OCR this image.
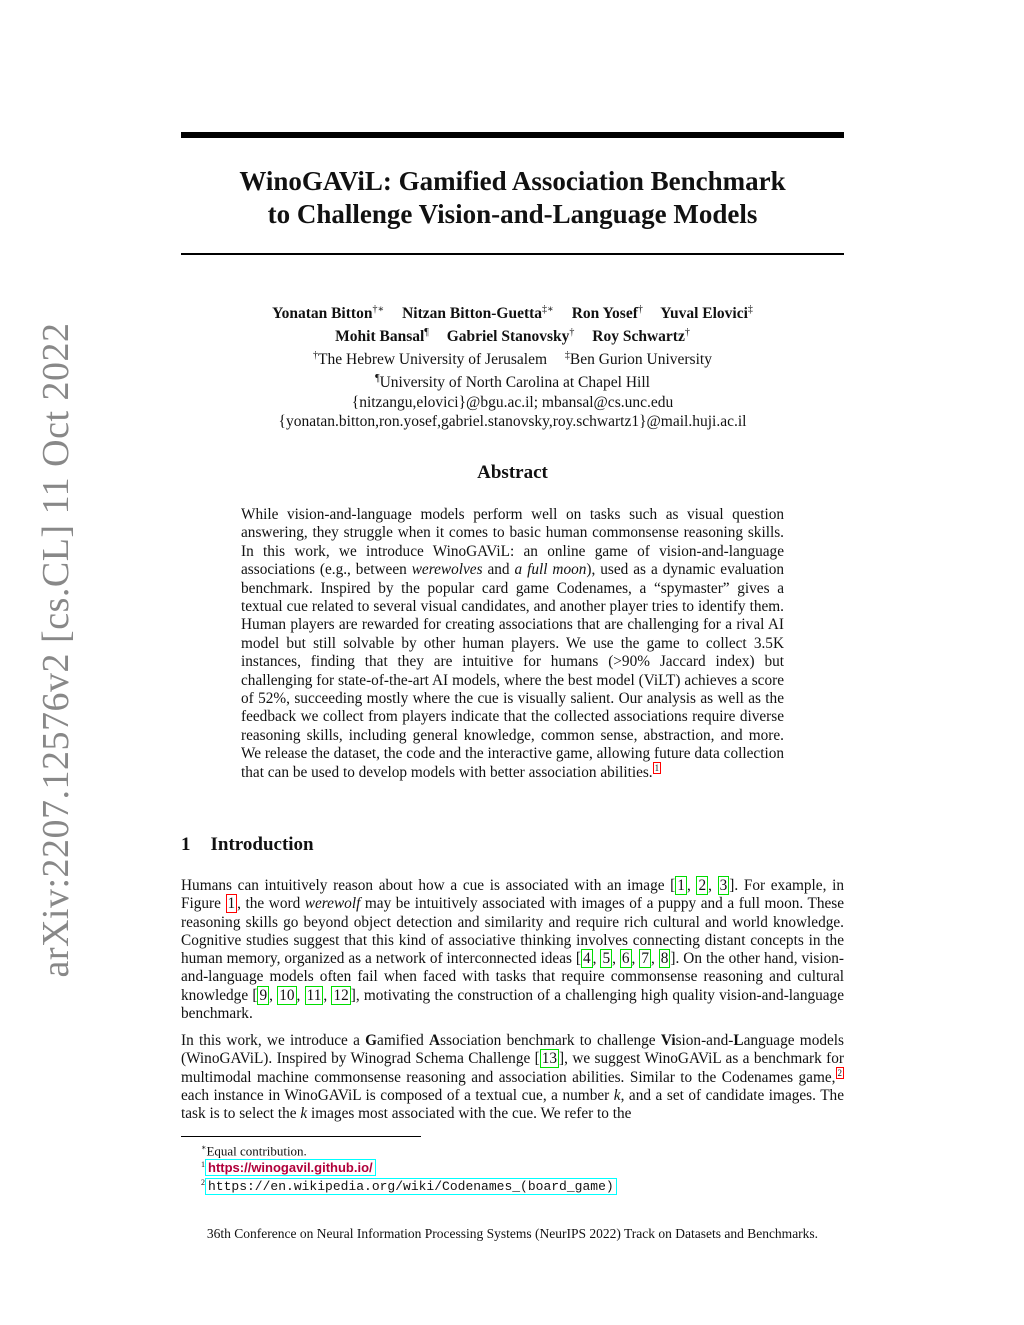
arXiv:2207.12576v2 [cs.CL] 11 Oct 2022
WinoGAViL: Gamified Association Benchmark
to Challenge Vision-and-Language Models
Yonatan Bitton†∗ Nitzan Bitton-Guetta‡∗ Ron Yosef† Yuval Elovici‡
Mohit Bansal¶ Gabriel Stanovsky† Roy Schwartz†
†The Hebrew University of Jerusalem ‡Ben Gurion University
¶University of North Carolina at Chapel Hill
{nitzangu,elovici}@bgu.ac.il; mbansal@cs.unc.edu
{yonatan.bitton,ron.yosef,gabriel.stanovsky,roy.schwartz1}@mail.huji.ac.il
Abstract
While vision-and-language models perform well on tasks such as visual question answering, they struggle when it comes to basic human commonsense reasoning skills. In this work, we introduce WinoGAViL: an online game of vision-and-language associations (e.g., between werewolves and a full moon), used as a dynamic evaluation benchmark. Inspired by the popular card game Codenames, a “spymaster” gives a textual cue related to several visual candidates, and another player tries to identify them. Human players are rewarded for creating associations that are challenging for a rival AI model but still solvable by other human players. We use the game to collect 3.5K instances, finding that they are intuitive for humans (>90% Jaccard index) but challenging for state-of-the-art AI models, where the best model (ViLT) achieves a score of 52%, succeeding mostly where the cue is visually salient. Our analysis as well as the feedback we collect from players indicate that the collected associations require diverse reasoning skills, including general knowledge, common sense, abstraction, and more. We release the dataset, the code and the interactive game, allowing future data collection that can be used to develop models with better association abilities. $^1$
1 Introduction
Humans can intuitively reason about how a cue is associated with an image [ 1 , 2 , 3 ]. For example, in Figure 1 , the word werewolf may be intuitively associated with images of a puppy and a full moon. These reasoning skills go beyond object detection and similarity and require rich cultural and world knowledge. Cognitive studies suggest that this kind of associative thinking involves connecting distant concepts in the human memory, organized as a network of interconnected ideas [ 4 , 5 , 6 , 7 , 8 ]. On the other hand, vision-and-language models often fail when faced with tasks that require commonsense reasoning and cultural knowledge [ 9 , 10 , 11 , 12 ], motivating the construction of a challenging high quality vision-and-language benchmark.
In this work, we introduce a Gamified Association benchmark to challenge Vision-and-Language models (WinoGAViL). Inspired by Winograd Schema Challenge [ 13 ], we suggest WinoGAViL as a benchmark for multimodal machine commonsense reasoning and association abilities. Similar to the Codenames game, $^2$ each instance in WinoGAViL is composed of a textual cue, a number k, and a set of candidate images. The task is to select the k images most associated with the cue. We refer to the
∗Equal contribution.
$^1$ https://winogavil.github.io/
$^2$ https://en.wikipedia.org/wiki/Codenames_(board_game)
36th Conference on Neural Information Processing Systems (NeurIPS 2022) Track on Datasets and Benchmarks.
